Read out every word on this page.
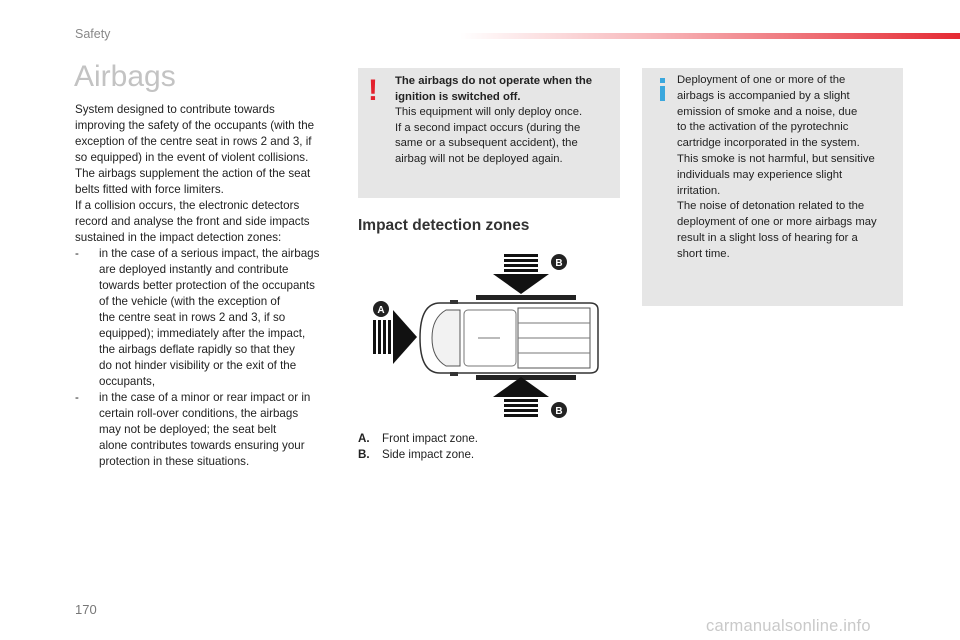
Safety
Airbags

System designed to contribute towards
improving the safety of the occupants (with the
exception of the centre seat in rows 2 and 3, if
so equipped) in the event of violent collisions.
The airbags supplement the action of the seat
belts fitted with force limiters.
If a collision occurs, the electronic detectors
record and analyse the front and side impacts
sustained in the impact detection zones:

- in the case of a serious impact, the airbags
are deployed instantly and contribute
towards better protection of the occupants
of the vehicle (with the exception of
the centre seat in rows 2 and 3, if so
equipped); immediately after the impact,
the airbags deflate rapidly so that they
do not hinder visibility or the exit of the
occupants,
- in the case of a minor or rear impact or in
certain roll-over conditions, the airbags
may not be deployed; the seat belt
alone contributes towards ensuring your
protection in these situations.
! The airbags do not operate when the
ignition is switched off.
This equipment will only deploy once.
If a second impact occurs (during the
same or a subsequent accident), the
airbag will not be deployed again.
Impact detection zones
B
A
B
A. Front impact zone.
B. Side impact zone.

Deployment of one or more of the
airbags is accompanied by a slight
emission of smoke and a noise, due
to the activation of the pyrotechnic
cartridge incorporated in the system.
This smoke is not harmful, but sensitive
individuals may experience slight
irritation.
The noise of detonation related to the
deployment of one or more airbags may
result in a slight loss of hearing for a
short time.

170
carmanualsonline.info
